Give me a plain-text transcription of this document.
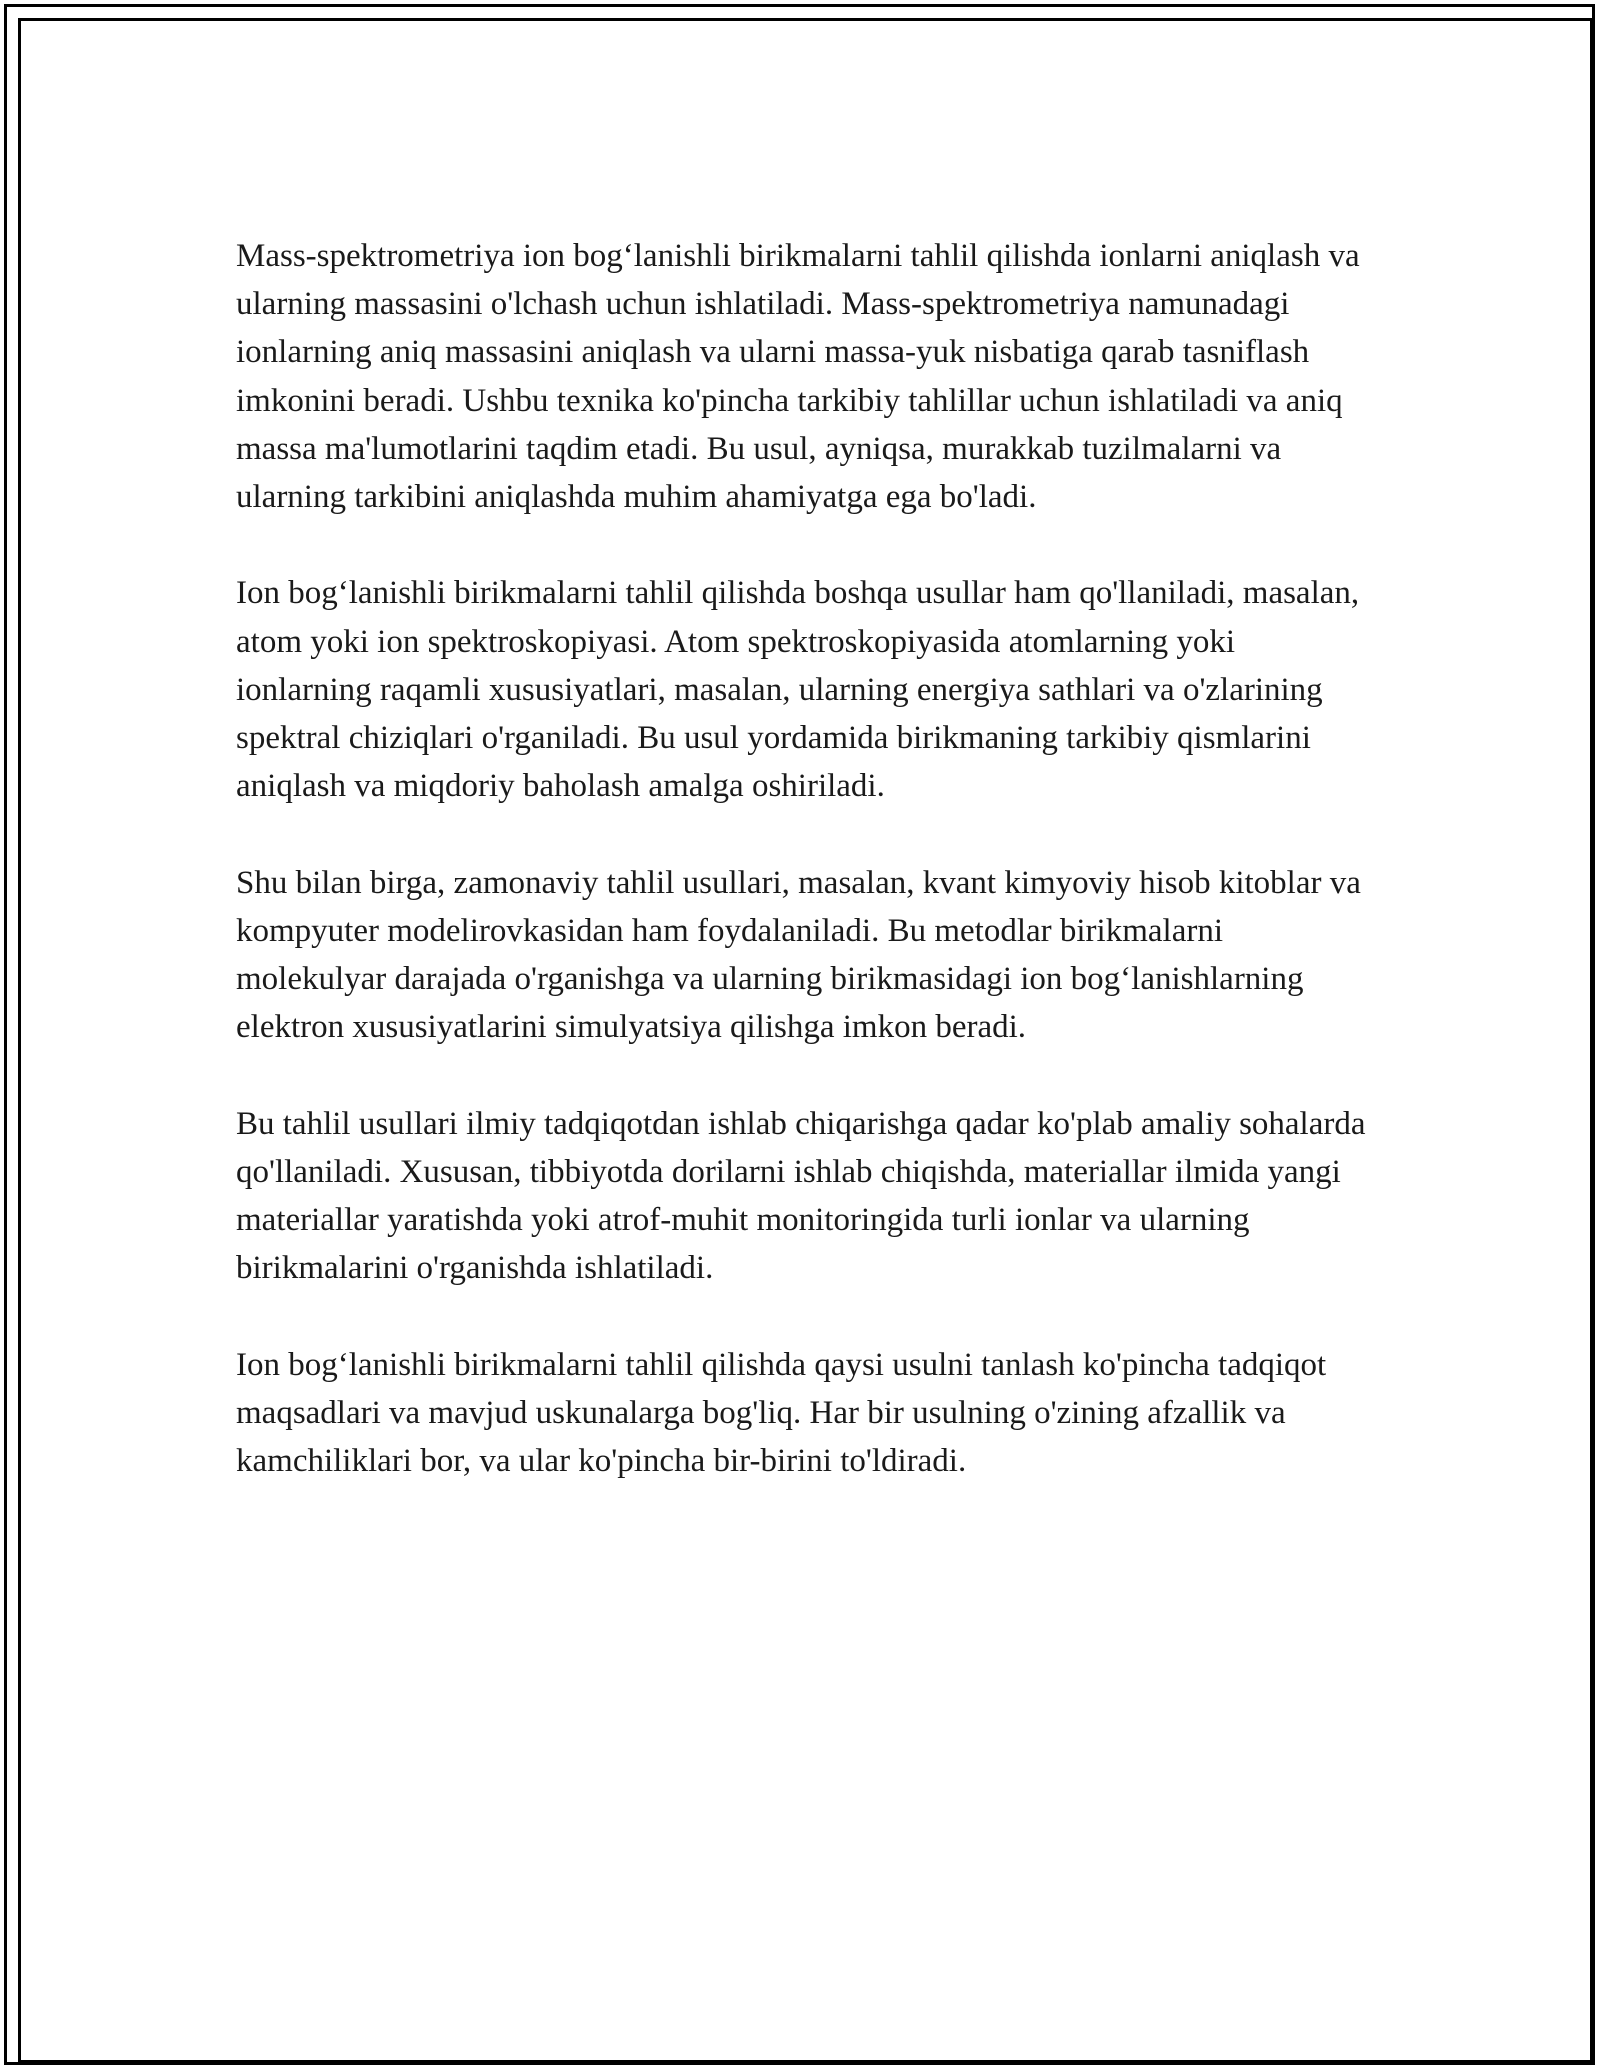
Mass-spektrometriya ion bog‘lanishli birikmalarni tahlil qilishda ionlarni aniqlash va ularning massasini o'lchash uchun ishlatiladi. Mass-spektrometriya namunadagi ionlarning aniq massasini aniqlash va ularni massa-yuk nisbatiga qarab tasniflash imkonini beradi. Ushbu texnika ko'pincha tarkibiy tahlillar uchun ishlatiladi va aniq massa ma'lumotlarini taqdim etadi. Bu usul, ayniqsa, murakkab tuzilmalarni va ularning tarkibini aniqlashda muhim ahamiyatga ega bo'ladi.

Ion bog‘lanishli birikmalarni tahlil qilishda boshqa usullar ham qo'llaniladi, masalan, atom yoki ion spektroskopiyasi. Atom spektroskopiyasida atomlarning yoki ionlarning raqamli xususiyatlari, masalan, ularning energiya sathlari va o'zlarining spektral chiziqlari o'rganiladi. Bu usul yordamida birikmaning tarkibiy qismlarini aniqlash va miqdoriy baholash amalga oshiriladi.

Shu bilan birga, zamonaviy tahlil usullari, masalan, kvant kimyoviy hisob kitoblar va kompyuter modelirovkasidan ham foydalaniladi. Bu metodlar birikmalarni molekulyar darajada o'rganishga va ularning birikmasidagi ion bog‘lanishlarning elektron xususiyatlarini simulyatsiya qilishga imkon beradi.

Bu tahlil usullari ilmiy tadqiqotdan ishlab chiqarishga qadar ko'plab amaliy sohalarda qo'llaniladi. Xususan, tibbiyotda dorilarni ishlab chiqishda, materiallar ilmida yangi materiallar yaratishda yoki atrof-muhit monitoringida turli ionlar va ularning birikmalarini o'rganishda ishlatiladi.

Ion bog‘lanishli birikmalarni tahlil qilishda qaysi usulni tanlash ko'pincha tadqiqot maqsadlari va mavjud uskunalarga bog'liq. Har bir usulning o'zining afzallik va kamchiliklari bor, va ular ko'pincha bir-birini to'ldiradi.
